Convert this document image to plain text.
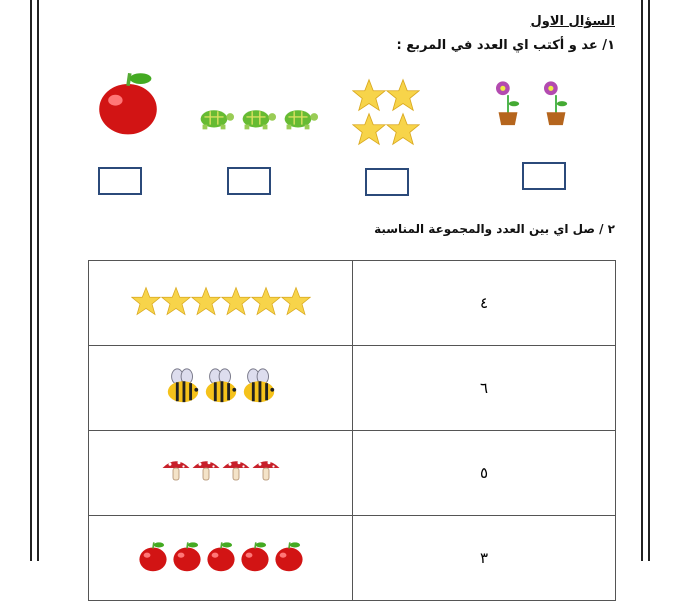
السؤال الاول
١/ عد و أكتب اي العدد في المربع :
٢ / صل اي بين العدد والمجموعة المناسبة
	٤
	٦
	٥
	٣
